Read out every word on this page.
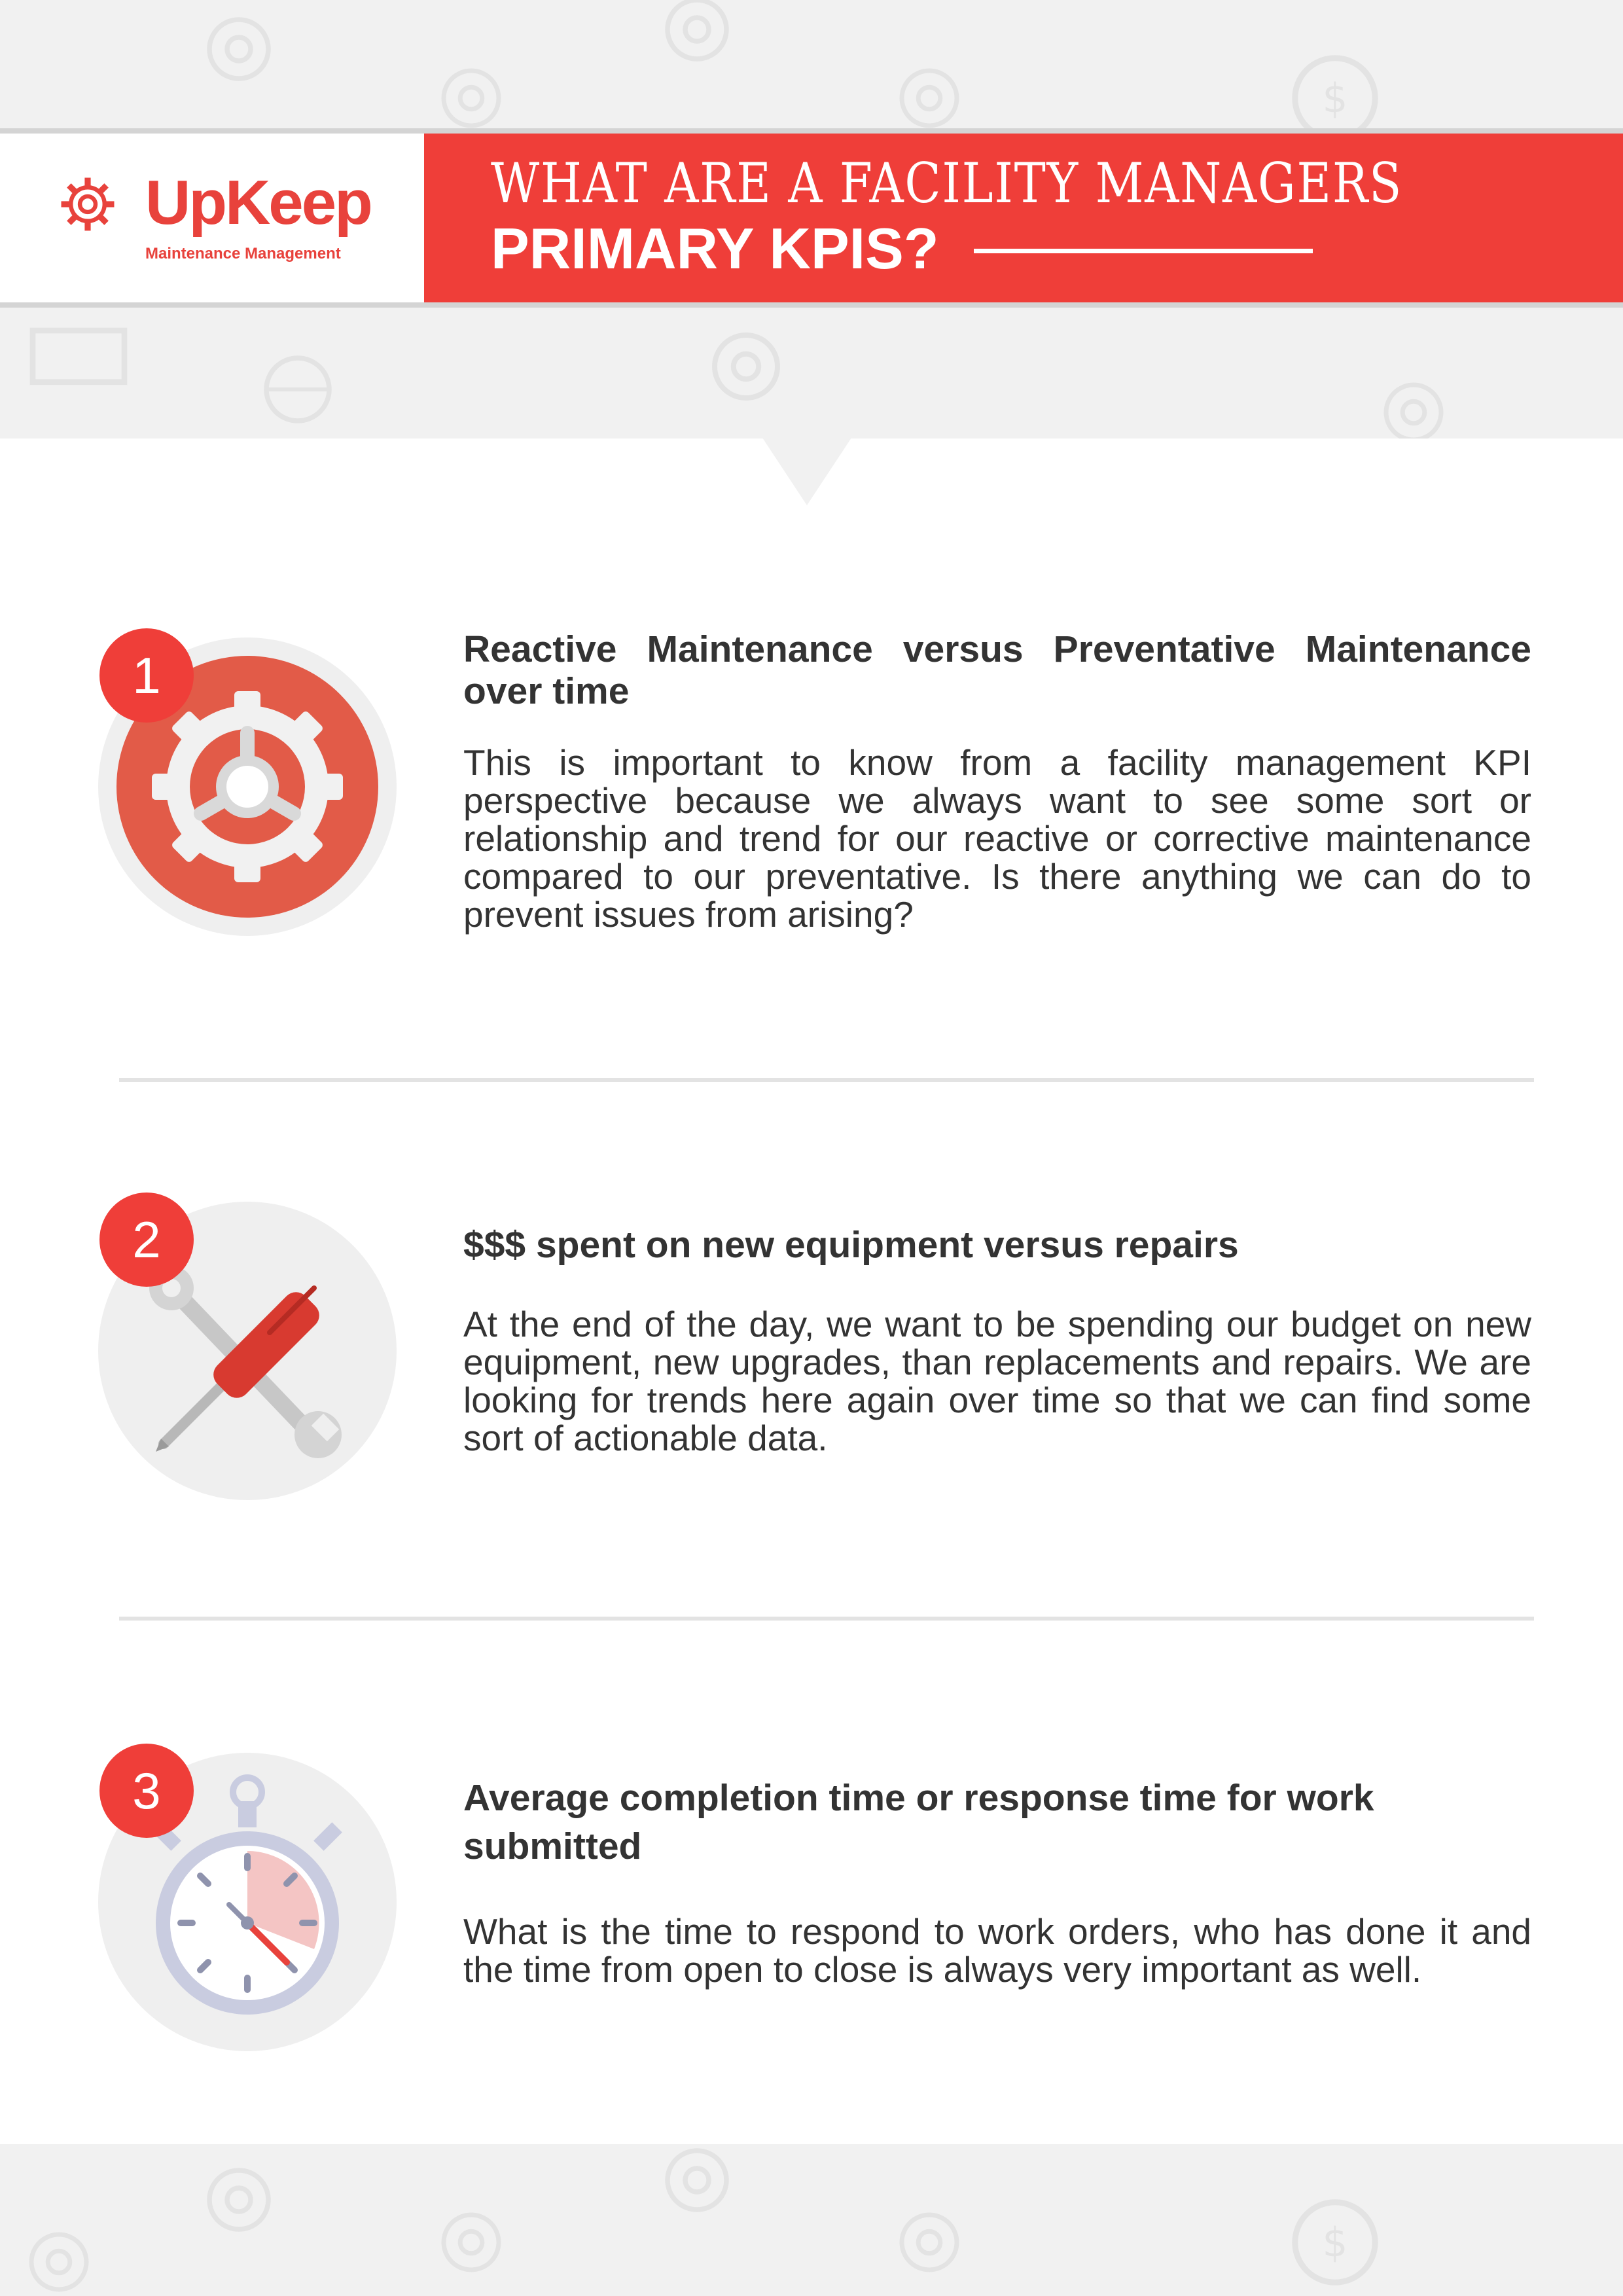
$
UpKeep
Maintenance Management
WHAT ARE A FACILITY MANAGERS
PRIMARY KPIS?
1	Reactive Maintenance versus Preventative Maintenance over time

This is important to know from a facility management KPI perspective because we always want to see some sort or relationship and trend for our reactive or corrective maintenance compared to our preventative. Is there anything we can do to prevent issues from arising?

2	$$$ spent on new equipment versus repairs

At the end of the day, we want to be spending our budget on new equipment, new upgrades, than replacements and repairs. We are looking for trends here again over time so that we can find some sort of actionable data.

3	Average completion time or response time for work submitted

What is the time to respond to work orders, who has done it and the time from open to close is always very important as well.

$
